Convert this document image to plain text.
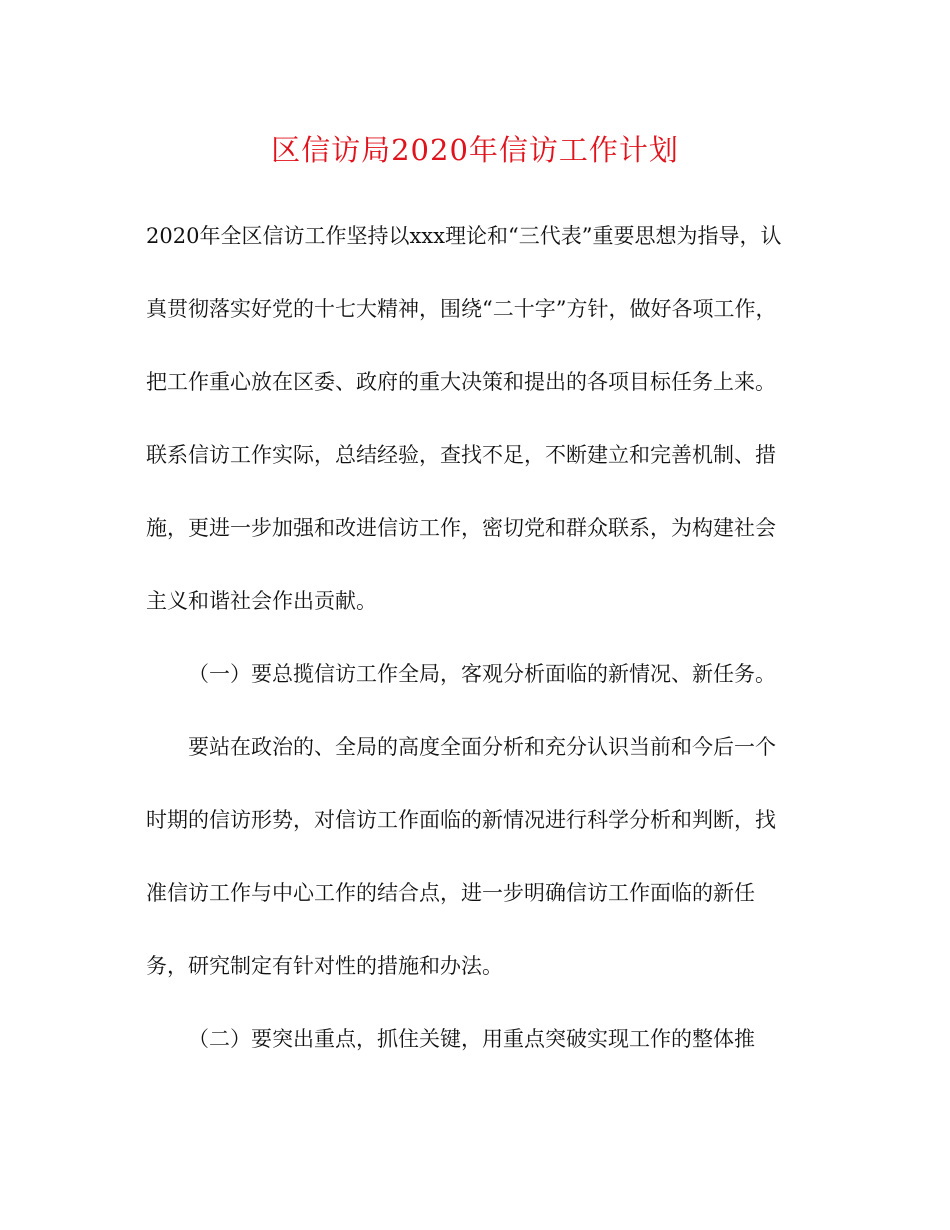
区信访局2020年信访工作计划
2020年全区信访工作坚持以xxx理论和“三代表”重要思想为指导，认
真贯彻落实好党的十七大精神，围绕“二十字”方针，做好各项工作，
把工作重心放在区委、政府的重大决策和提出的各项目标任务上来。
联系信访工作实际，总结经验，查找不足，不断建立和完善机制、措
施，更进一步加强和改进信访工作，密切党和群众联系，为构建社会
主义和谐社会作出贡献。
（一）要总揽信访工作全局，客观分析面临的新情况、新任务。
要站在政治的、全局的高度全面分析和充分认识当前和今后一个
时期的信访形势，对信访工作面临的新情况进行科学分析和判断，找
准信访工作与中心工作的结合点，进一步明确信访工作面临的新任
务，研究制定有针对性的措施和办法。
（二）要突出重点，抓住关键，用重点突破实现工作的整体推
